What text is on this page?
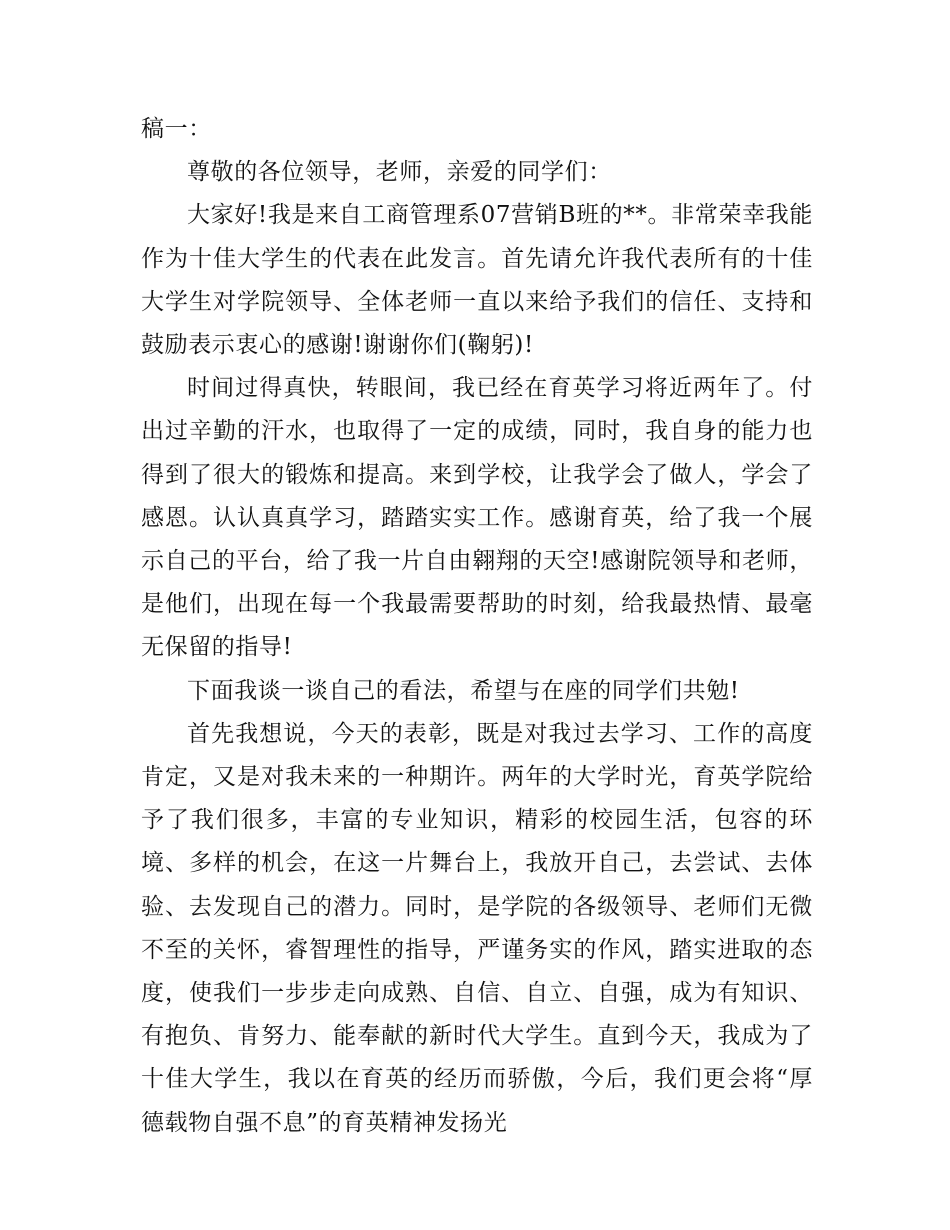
稿一：

尊敬的各位领导，老师，亲爱的同学们：

大家好!我是来自工商管理系07营销B班的**。非常荣幸我能作为十佳大学生的代表在此发言。首先请允许我代表所有的十佳大学生对学院领导、全体老师一直以来给予我们的信任、支持和鼓励表示衷心的感谢!谢谢你们(鞠躬)!

时间过得真快，转眼间，我已经在育英学习将近两年了。付出过辛勤的汗水，也取得了一定的成绩，同时，我自身的能力也得到了很大的锻炼和提高。来到学校，让我学会了做人，学会了感恩。认认真真学习，踏踏实实工作。感谢育英，给了我一个展示自己的平台，给了我一片自由翱翔的天空!感谢院领导和老师，是他们，出现在每一个我最需要帮助的时刻，给我最热情、最毫无保留的指导!

下面我谈一谈自己的看法，希望与在座的同学们共勉!

首先我想说，今天的表彰，既是对我过去学习、工作的高度肯定，又是对我未来的一种期许。两年的大学时光，育英学院给予了我们很多，丰富的专业知识，精彩的校园生活，包容的环境、多样的机会，在这一片舞台上，我放开自己，去尝试、去体验、去发现自己的潜力。同时，是学院的各级领导、老师们无微不至的关怀，睿智理性的指导，严谨务实的作风，踏实进取的态度，使我们一步步走向成熟、自信、自立、自强，成为有知识、有抱负、肯努力、能奉献的新时代大学生。直到今天，我成为了十佳大学生，我以在育英的经历而骄傲，今后，我们更会将“厚德载物自强不息”的育英精神发扬光
